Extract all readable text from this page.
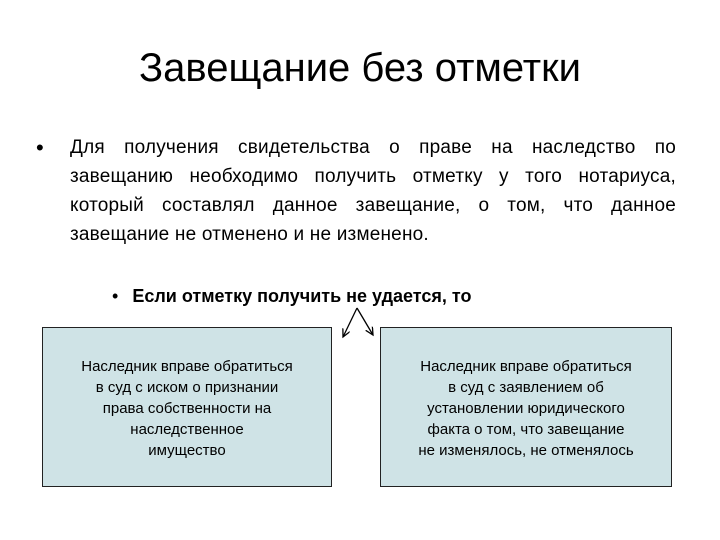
Завещание без отметки
• Для получения свидетельства о праве на наследство по завещанию необходимо получить отметку у того нотариуса, который составлял данное завещание, о том, что данное завещание не отменено и не изменено.
• Если отметку получить не удается, то
Наследник вправе обратиться
в суд с иском о признании
права собственности на
наследственное
имущество
Наследник вправе обратиться
в суд с заявлением об
установлении юридического
факта о том, что завещание
не изменялось, не отменялось
